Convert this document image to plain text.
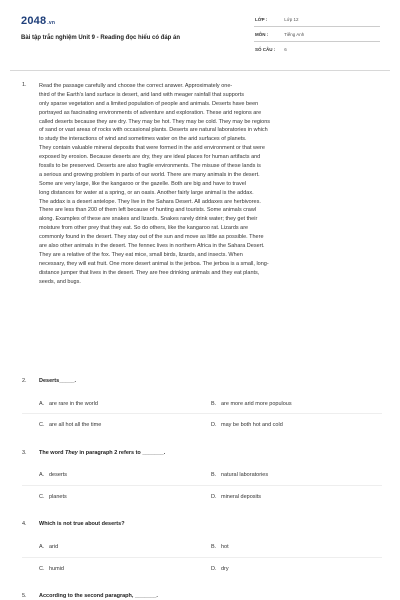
2048.vn
Bài tập trắc nghiệm Unit 9 - Reading đọc hiểu có đáp án
LỚP :	Lớp 12
MÔN :	Tiếng Anh
SỐ CÂU : 6
1. Read the passage carefully and choose the correct answer. Approximately one-
third of the Earth's land surface is desert, arid land with meager rainfall that supports
only sparse vegetation and a limited population of people and animals. Deserts have been
portrayed as fascinating environments of adventure and exploration. These arid regions are
called deserts because they are dry. They may be hot. They may be cold. They may be regions
of sand or vast areas of rocks with occasional plants. Deserts are natural laboratories in which
to study the interactions of wind and sometimes water on the arid surfaces of planets.
They contain valuable mineral deposits that were formed in the arid environment or that were
exposed by erosion. Because deserts are dry, they are ideal places for human artifacts and
fossils to be preserved. Deserts are also fragile environments. The misuse of these lands is
a serious and growing problem in parts of our world. There are many animals in the desert.
Some are very large, like the kangaroo or the gazelle. Both are big and have to travel
long distances for water at a spring, or an oasis. Another fairly large animal is the addax.
The addax is a desert antelope. They live in the Sahara Desert. All addaxes are herbivores.
There are less than 200 of them left because of hunting and tourists. Some animals crawl
along. Examples of these are snakes and lizards. Snakes rarely drink water; they get their
moisture from other prey that they eat. So do others, like the kangaroo rat. Lizards are
commonly found in the desert. They stay out of the sun and move as little as possible. There
are also other animals in the desert. The fennec lives in northern Africa in the Sahara Desert.
They are a relative of the fox. They eat mice, small birds, lizards, and insects. When
necessary, they will eat fruit. One more desert animal is the jerboa. The jerboa is a small, long-
distance jumper that lives in the desert. They are free drinking animals and they eat plants,
seeds, and bugs.
2. Deserts_____.
A. are rare in the world	B. are more arid more populous
C. are all hot all the time	D. may be both hot and cold
3. The word They in paragraph 2 refers to _______.
A. deserts	B. natural laboratories
C. planets	D. mineral deposits
4. Which is not true about deserts?
A. arid	B. hot
C. humid	D. dry
5. According to the second paragraph, _______.
